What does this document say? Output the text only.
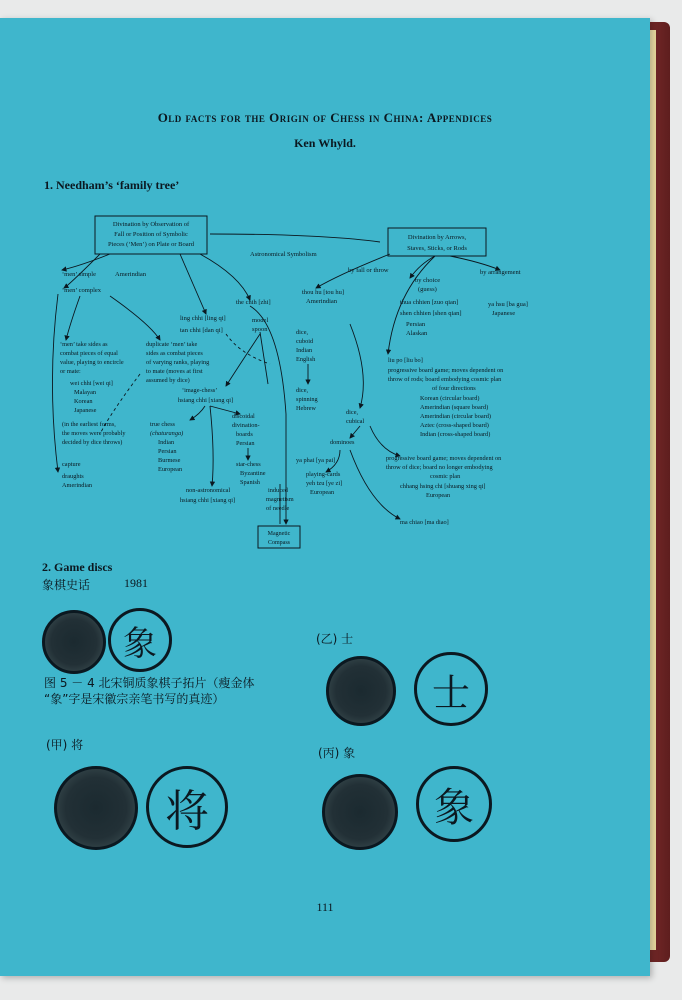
Old facts for the Origin of Chess in China: Appendices
Ken Whyld.
1. Needham’s ‘family tree’
Divination by Observation of
Fall or Position of Symbolic
Pieces (‘Men’) on Plate or Board
Divination by Arrows,
Staves, Sticks, or Rods
Astronomical Symbolism
‘men’ simple	Amerindian
‘men’ complex
by fall or throw	by arrangement
the chih [zhi]
thou hu [tou hu]
Amerindian
by choice
(guess)
ling chhi [ling qi]
tan chhi [dan qi]
model
spoon
thua chhien [zuo qian]
shen chhien [shen qian]
Persian
Alaskan
ya hsu [ba gua]
Japanese
‘men’ take sides as
combat pieces of equal
value, playing to encircle
or mate:
wei chhi [wei qi]
Malayan
Korean
Japanese
duplicate ‘men’ take
sides as combat pieces
of varying ranks, playing
to mate (moves at first
assumed by dice)
dice,
cuboid
Indian
English
‘image-chess’
hsiang chhi [xiang qi]
dice,
spinning
Hebrew
liu po [liu bo]
progressive board game; moves dependent on
throw of rods; board embodying cosmic plan
of four directions
Korean (circular board)
Amerindian (square board)
Amerindian (circular board)
Aztec (cross-shaped board)
Indian (cross-shaped board)
(in the earliest forms,
the moves were probably
decided by dice throws)
true chess
(chaturanga)
Indian
Persian
Burmese
European
discoidal
divination-
boards
Persian
dice,
cubical
dominoes
progressive board game; moves dependent on
throw of dice; board no longer embodying
cosmic plan
chhang hsing chi [shuang xing qi]
European
capture
draughts
Amerindian
star-chess
Byzantine
Spanish
ya phai [ya pai]
playing-cards
yeh tzu [ye zi]
European
non-astronomical
hsiang chhi [xiang qi]
induced
magnetism
of needle
Magnetic
Compass
ma chiao [ma diao]
2. Game discs
象棋史话	1981
象	(乙) 士
士
图 5 － 4 北宋铜质象棋子拓片（瘦金体
“象”字是宋徽宗亲笔书写的真迹）
(甲) 将
(丙) 象
将	象
111
